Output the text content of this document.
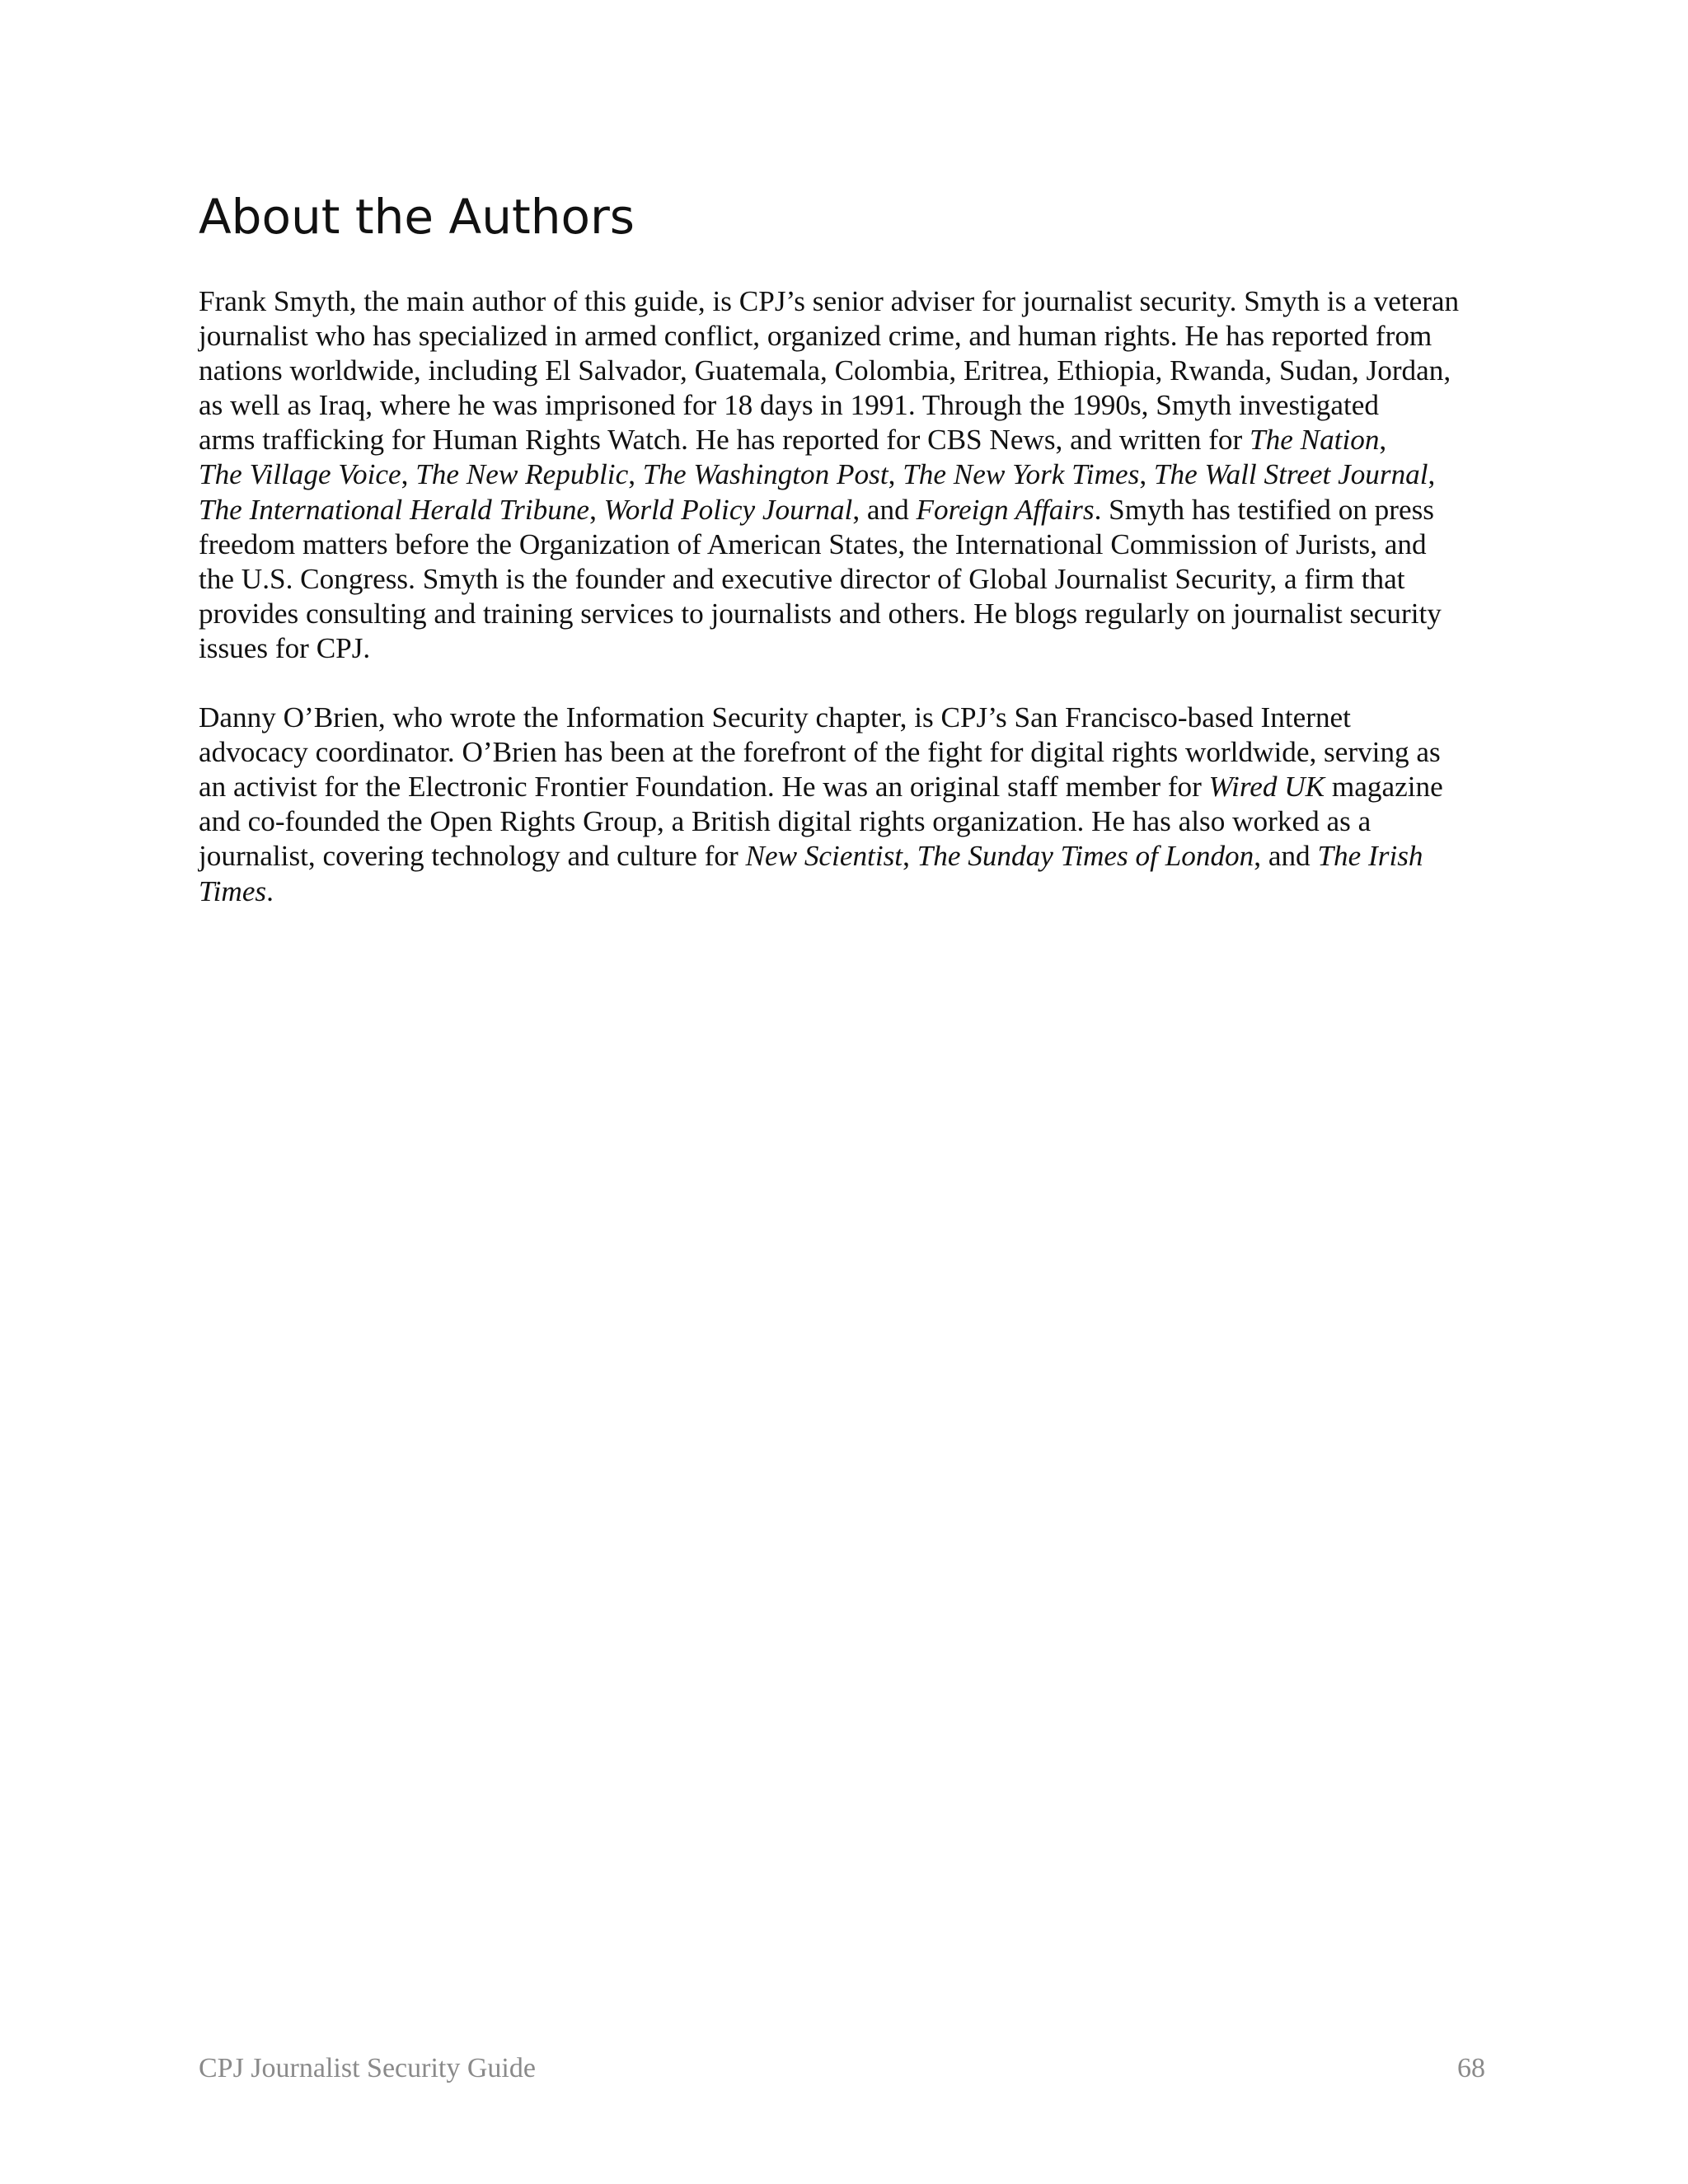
About the Authors

Frank Smyth, the main author of this guide, is CPJ’s senior adviser for journalist security. Smyth is a veteran
journalist who has specialized in armed conflict, organized crime, and human rights. He has reported from
nations worldwide, including El Salvador, Guatemala, Colombia, Eritrea, Ethiopia, Rwanda, Sudan, Jordan,
as well as Iraq, where he was imprisoned for 18 days in 1991. Through the 1990s, Smyth investigated
arms trafficking for Human Rights Watch. He has reported for CBS News, and written for The Nation,
The Village Voice, The New Republic, The Washington Post, The New York Times, The Wall Street Journal,
The International Herald Tribune, World Policy Journal, and Foreign Affairs. Smyth has testified on press
freedom matters before the Organization of American States, the International Commission of Jurists, and
the U.S. Congress. Smyth is the founder and executive director of Global Journalist Security, a firm that
provides consulting and training services to journalists and others. He blogs regularly on journalist security
issues for CPJ.

Danny O’Brien, who wrote the Information Security chapter, is CPJ’s San Francisco-based Internet
advocacy coordinator. O’Brien has been at the forefront of the fight for digital rights worldwide, serving as
an activist for the Electronic Frontier Foundation. He was an original staff member for Wired UK magazine
and co-founded the Open Rights Group, a British digital rights organization. He has also worked as a
journalist, covering technology and culture for New Scientist, The Sunday Times of London, and The Irish
Times.

CPJ Journalist Security Guide	68
